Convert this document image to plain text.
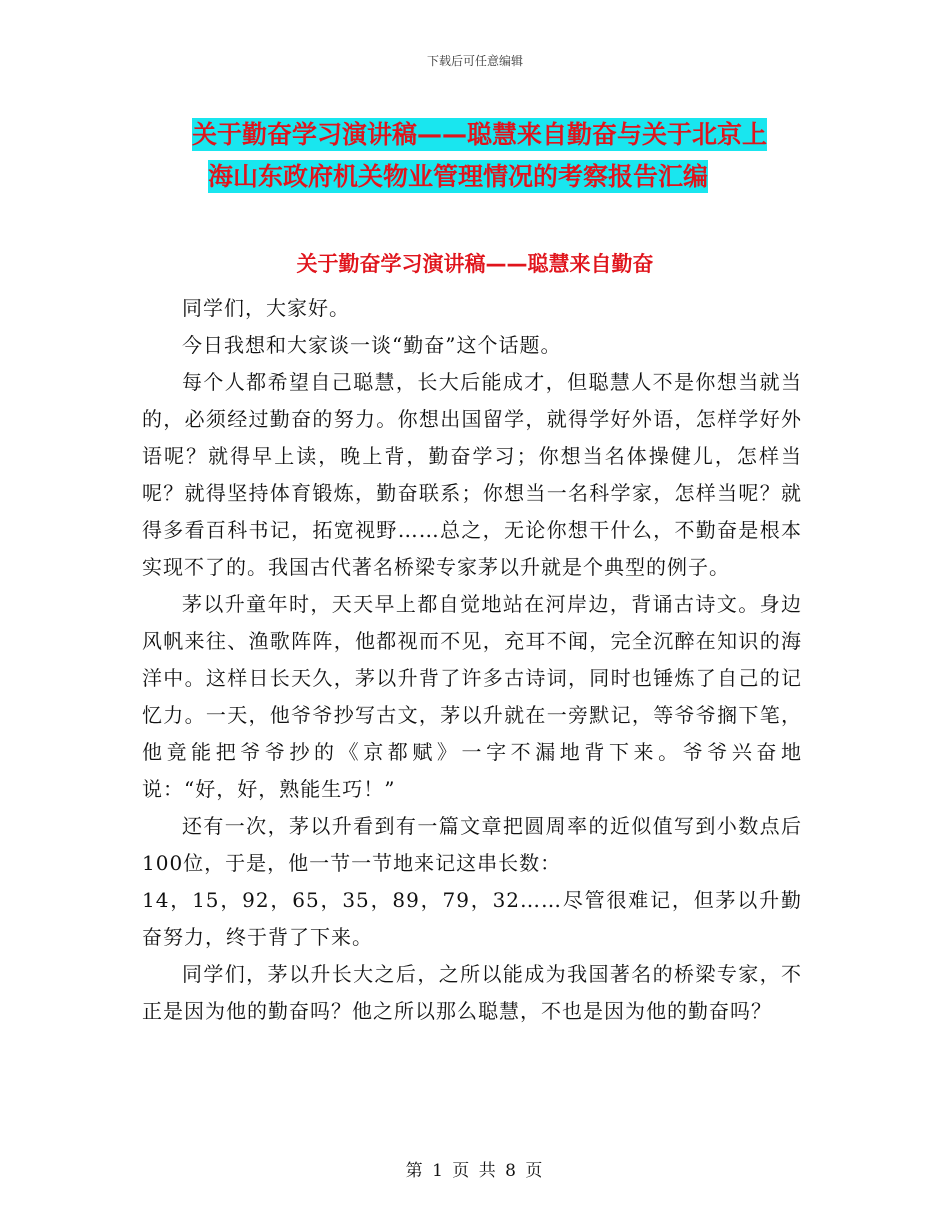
下载后可任意编辑
关于勤奋学习演讲稿——聪慧来自勤奋与关于北京上
海山东政府机关物业管理情况的考察报告汇编
关于勤奋学习演讲稿——聪慧来自勤奋

同学们，大家好。

今日我想和大家谈一谈“勤奋”这个话题。

每个人都希望自己聪慧，长大后能成才，但聪慧人不是你想当就当的，必须经过勤奋的努力。你想出国留学，就得学好外语，怎样学好外语呢？就得早上读，晚上背，勤奋学习；你想当名体操健儿，怎样当呢？就得坚持体育锻炼，勤奋联系；你想当一名科学家，怎样当呢？就得多看百科书记，拓宽视野……总之，无论你想干什么，不勤奋是根本实现不了的。我国古代著名桥梁专家茅以升就是个典型的例子。

茅以升童年时，天天早上都自觉地站在河岸边，背诵古诗文。身边风帆来往、渔歌阵阵，他都视而不见，充耳不闻，完全沉醉在知识的海洋中。这样日长天久，茅以升背了许多古诗词，同时也锤炼了自己的记忆力。一天，他爷爷抄写古文，茅以升就在一旁默记，等爷爷搁下笔，他竟能把爷爷抄的《京都赋》一字不漏地背下来。爷爷兴奋地说：“好，好，熟能生巧！”

还有一次，茅以升看到有一篇文章把圆周率的近似值写到小数点后100位，于是，他一节一节地来记这串长数：

14，15，92，65，35，89，79，32……尽管很难记，但茅以升勤奋努力，终于背了下来。

同学们，茅以升长大之后，之所以能成为我国著名的桥梁专家，不正是因为他的勤奋吗？他之所以那么聪慧，不也是因为他的勤奋吗？

第 1 页 共 8 页
